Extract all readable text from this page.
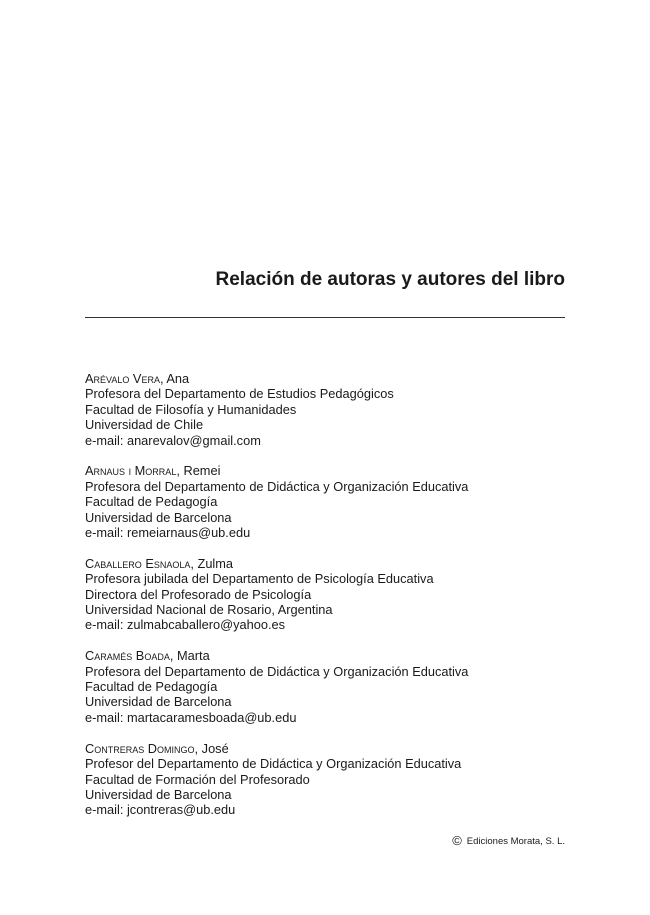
Relación de autoras y autores del libro
Arévalo Vera, Ana
Profesora del Departamento de Estudios Pedagógicos
Facultad de Filosofía y Humanidades
Universidad de Chile
e-mail: anarevalov@gmail.com
Arnaus i Morral, Remei
Profesora del Departamento de Didáctica y Organización Educativa
Facultad de Pedagogía
Universidad de Barcelona
e-mail: remeiarnaus@ub.edu
Caballero Esnaola, Zulma
Profesora jubilada del Departamento de Psicología Educativa
Directora del Profesorado de Psicología
Universidad Nacional de Rosario, Argentina
e-mail: zulmabcaballero@yahoo.es
Caramés Boada, Marta
Profesora del Departamento de Didáctica y Organización Educativa
Facultad de Pedagogía
Universidad de Barcelona
e-mail: martacaramesboada@ub.edu
Contreras Domingo, José
Profesor del Departamento de Didáctica y Organización Educativa
Facultad de Formación del Profesorado
Universidad de Barcelona
e-mail: jcontreras@ub.edu
© Ediciones Morata, S. L.
